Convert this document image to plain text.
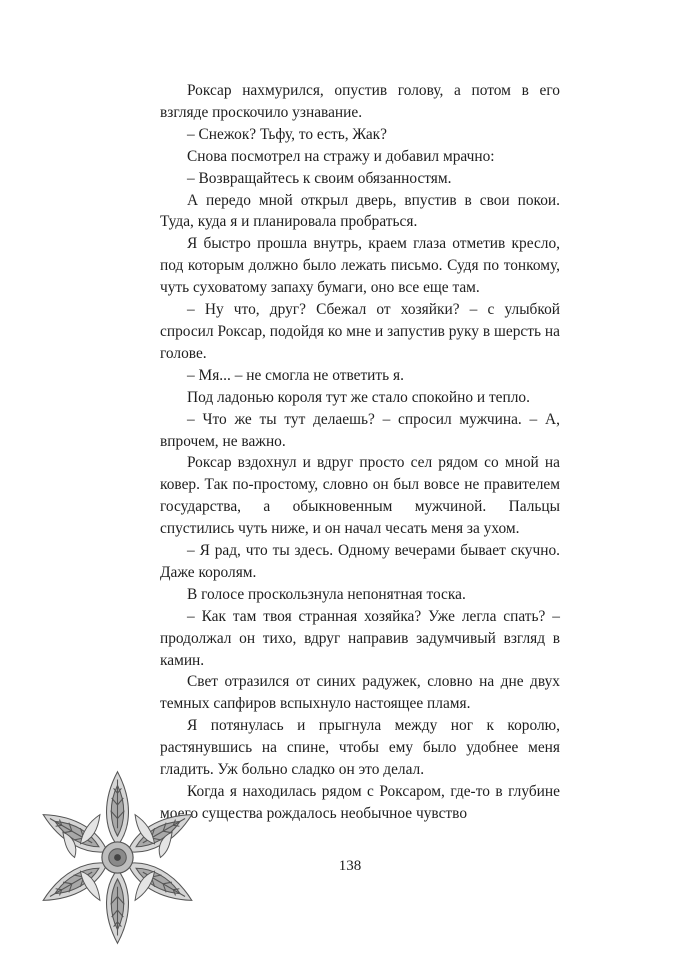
Роксар нахмурился, опустив голову, а потом в его взгляде проскочило узнавание.

– Снежок? Тьфу, то есть, Жак?

Снова посмотрел на стражу и добавил мрачно:

– Возвращайтесь к своим обязанностям.

А передо мной открыл дверь, впустив в свои покои. Туда, куда я и планировала пробраться.

Я быстро прошла внутрь, краем глаза отметив кресло, под которым должно было лежать письмо. Судя по тонкому, чуть суховатому запаху бумаги, оно все еще там.

– Ну что, друг? Сбежал от хозяйки? – с улыбкой спросил Роксар, подойдя ко мне и запустив руку в шерсть на голове.

– Мя... – не смогла не ответить я.

Под ладонью короля тут же стало спокойно и тепло.

– Что же ты тут делаешь? – спросил мужчина. – А, впрочем, не важно.

Роксар вздохнул и вдруг просто сел рядом со мной на ковер. Так по-простому, словно он был вовсе не правителем государства, а обыкновенным мужчиной. Пальцы спустились чуть ниже, и он начал чесать меня за ухом.

– Я рад, что ты здесь. Одному вечерами бывает скучно. Даже королям.

В голосе проскользнула непонятная тоска.

– Как там твоя странная хозяйка? Уже легла спать? – продолжал он тихо, вдруг направив задумчивый взгляд в камин.

Свет отразился от синих радужек, словно на дне двух темных сапфиров вспыхнуло настоящее пламя.

Я потянулась и прыгнула между ног к королю, растянувшись на спине, чтобы ему было удобнее меня гладить. Уж больно сладко он это делал.

Когда я находилась рядом с Роксаром, где-то в глубине моего существа рождалось необычное чувство

138
